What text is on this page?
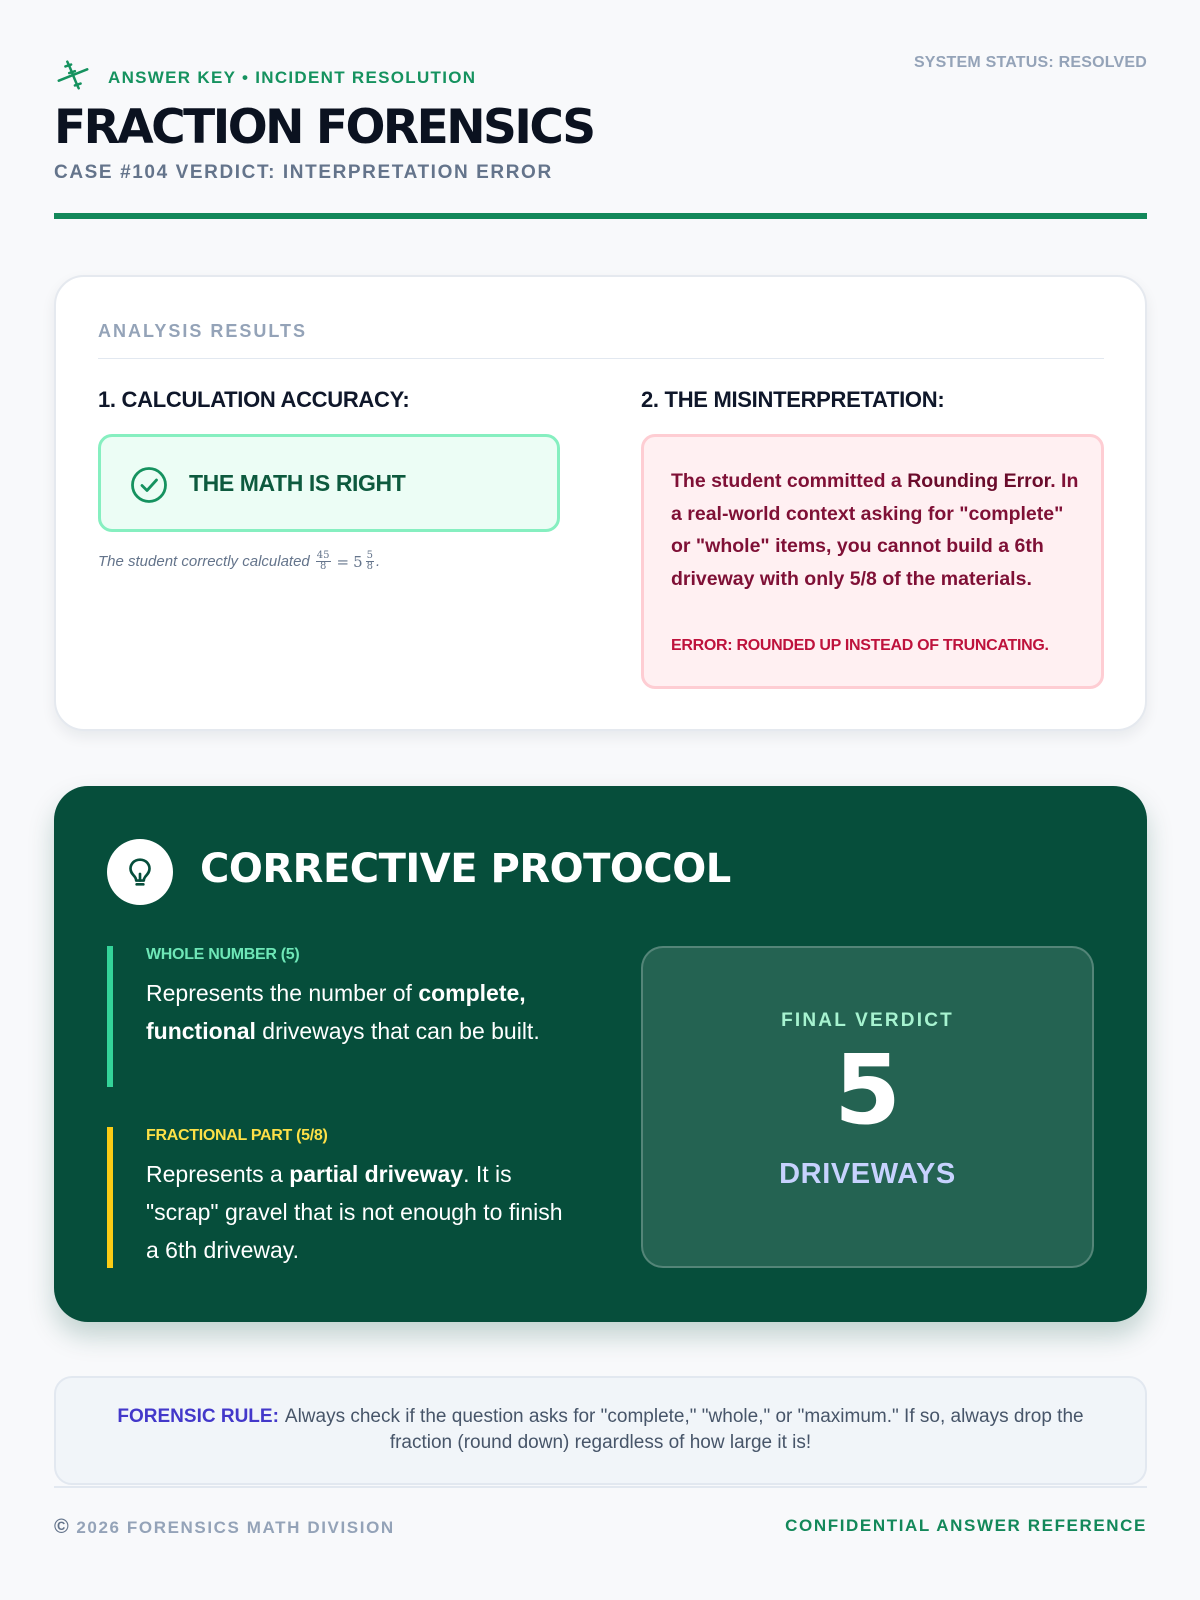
ANSWER KEY • INCIDENT RESOLUTION
SYSTEM STATUS: RESOLVED
FRACTION FORENSICS
CASE #104 VERDICT: INTERPRETATION ERROR
ANALYSIS RESULTS
1. CALCULATION ACCURACY:
THE MATH IS RIGHT
The student correctly calculated $\frac{45}{8} = 5 \frac{5}{8}$ .
2. THE MISINTERPRETATION:
The student committed a Rounding Error. In a real-world context asking for "complete" or "whole" items, you cannot build a 6th driveway with only 5/8 of the materials.
ERROR: ROUNDED UP INSTEAD OF TRUNCATING.
CORRECTIVE PROTOCOL
WHOLE NUMBER (5)
Represents the number of complete, functional driveways that can be built.
FRACTIONAL PART (5/8)
Represents a partial driveway. It is "scrap" gravel that is not enough to finish a 6th driveway.
FINAL VERDICT
5
DRIVEWAYS
FORENSIC RULE: Always check if the question asks for "complete," "whole," or "maximum." If so, always drop the fraction (round down) regardless of how large it is!
© 2026 FORENSICS MATH DIVISION	CONFIDENTIAL ANSWER REFERENCE
